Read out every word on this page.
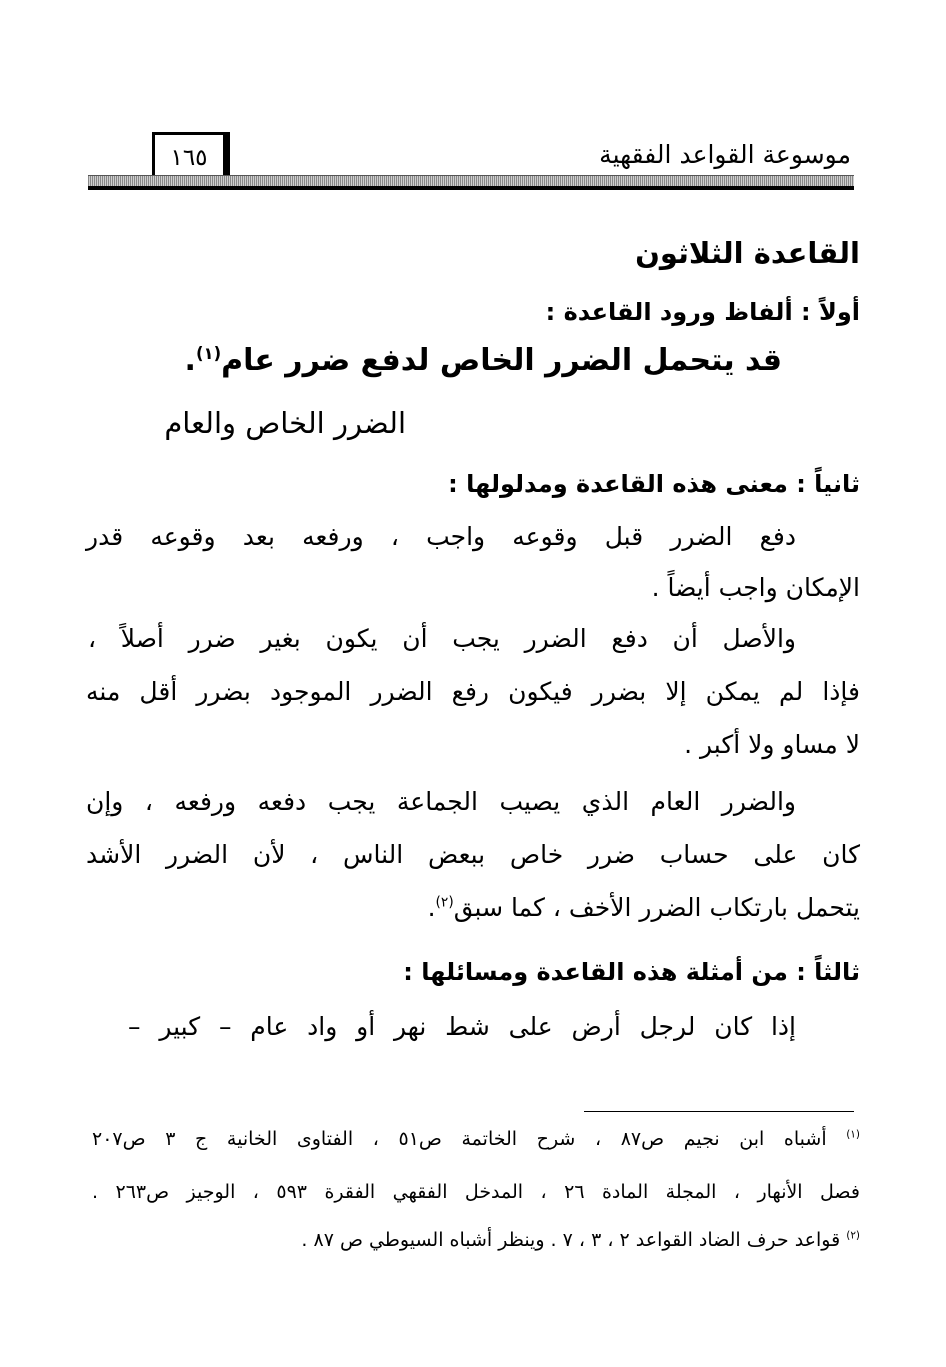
موسوعة القواعد الفقهية
١٦٥
القاعدة الثلاثون
أولاً : ألفاظ ورود القاعدة :
قد يتحمل الضرر الخاص لدفع ضرر عام$^{(١)}$.
الضرر الخاص والعام
ثانياً : معنى هذه القاعدة ومدلولها :
دفع الضرر قبل وقوعه واجب ، ورفعه بعد وقوعه قدر
الإمكان واجب أيضاً .
والأصل أن دفع الضرر يجب أن يكون بغير ضرر أصلاً ،
فإذا لم يمكن إلا بضرر فيكون رفع الضرر الموجود بضرر أقل منه
لا مساو ولا أكبر .
والضرر العام الذي يصيب الجماعة يجب دفعه ورفعه ، وإن
كان على حساب ضرر خاص ببعض الناس ، لأن الضرر الأشد
يتحمل بارتكاب الضرر الأخف ، كما سبق$^{(٢)}$.
ثالثاً : من أمثلة هذه القاعدة ومسائلها :
إذا كان لرجل أرض على شط نهر أو واد عام – كبير –
$^{(١)}$ أشباه ابن نجيم ص٨٧ ، شرح الخاتمة ص٥١ ، الفتاوى الخانية ج ٣ ص٢٠٧
فصل الأنهار ، المجلة المادة ٢٦ ، المدخل الفقهي الفقرة ٥٩٣ ، الوجيز ص٢٦٣ .
$^{(٢)}$ قواعد حرف الضاد القواعد ٢ ، ٣ ، ٧ . وينظر أشباه السيوطي ص ٨٧ .
